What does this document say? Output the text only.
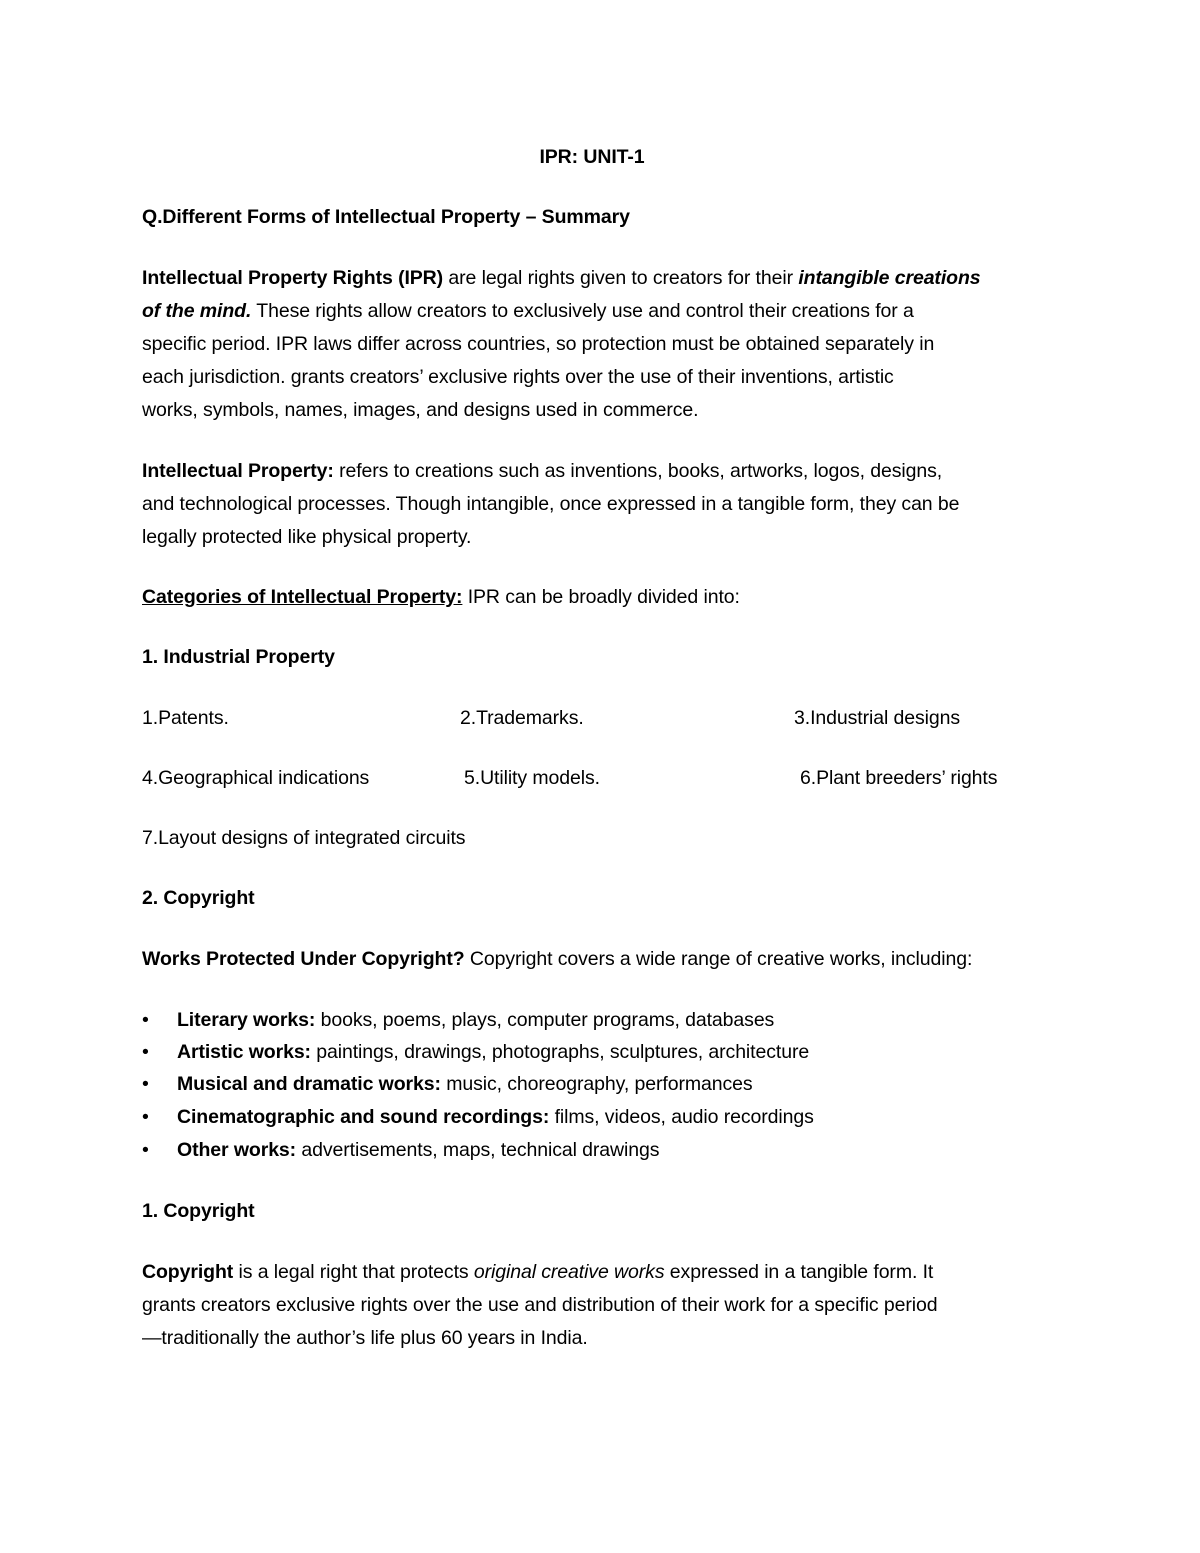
IPR: UNIT-1
Q.Different Forms of Intellectual Property – Summary
Intellectual Property Rights (IPR) are legal rights given to creators for their intangible creations
of the mind. These rights allow creators to exclusively use and control their creations for a
specific period. IPR laws differ across countries, so protection must be obtained separately in
each jurisdiction. grants creators’ exclusive rights over the use of their inventions, artistic
works, symbols, names, images, and designs used in commerce.
Intellectual Property: refers to creations such as inventions, books, artworks, logos, designs,
and technological processes. Though intangible, once expressed in a tangible form, they can be
legally protected like physical property.
Categories of Intellectual Property: IPR can be broadly divided into:
1. Industrial Property
1.Patents.	2.Trademarks.	3.Industrial designs
4.Geographical indications	5.Utility models.	6.Plant breeders’ rights
7.Layout designs of integrated circuits
2. Copyright
Works Protected Under Copyright? Copyright covers a wide range of creative works, including:
• Literary works: books, poems, plays, computer programs, databases
• Artistic works: paintings, drawings, photographs, sculptures, architecture
• Musical and dramatic works: music, choreography, performances
• Cinematographic and sound recordings: films, videos, audio recordings
• Other works: advertisements, maps, technical drawings
1. Copyright
Copyright is a legal right that protects original creative works expressed in a tangible form. It
grants creators exclusive rights over the use and distribution of their work for a specific period
—traditionally the author’s life plus 60 years in India.
